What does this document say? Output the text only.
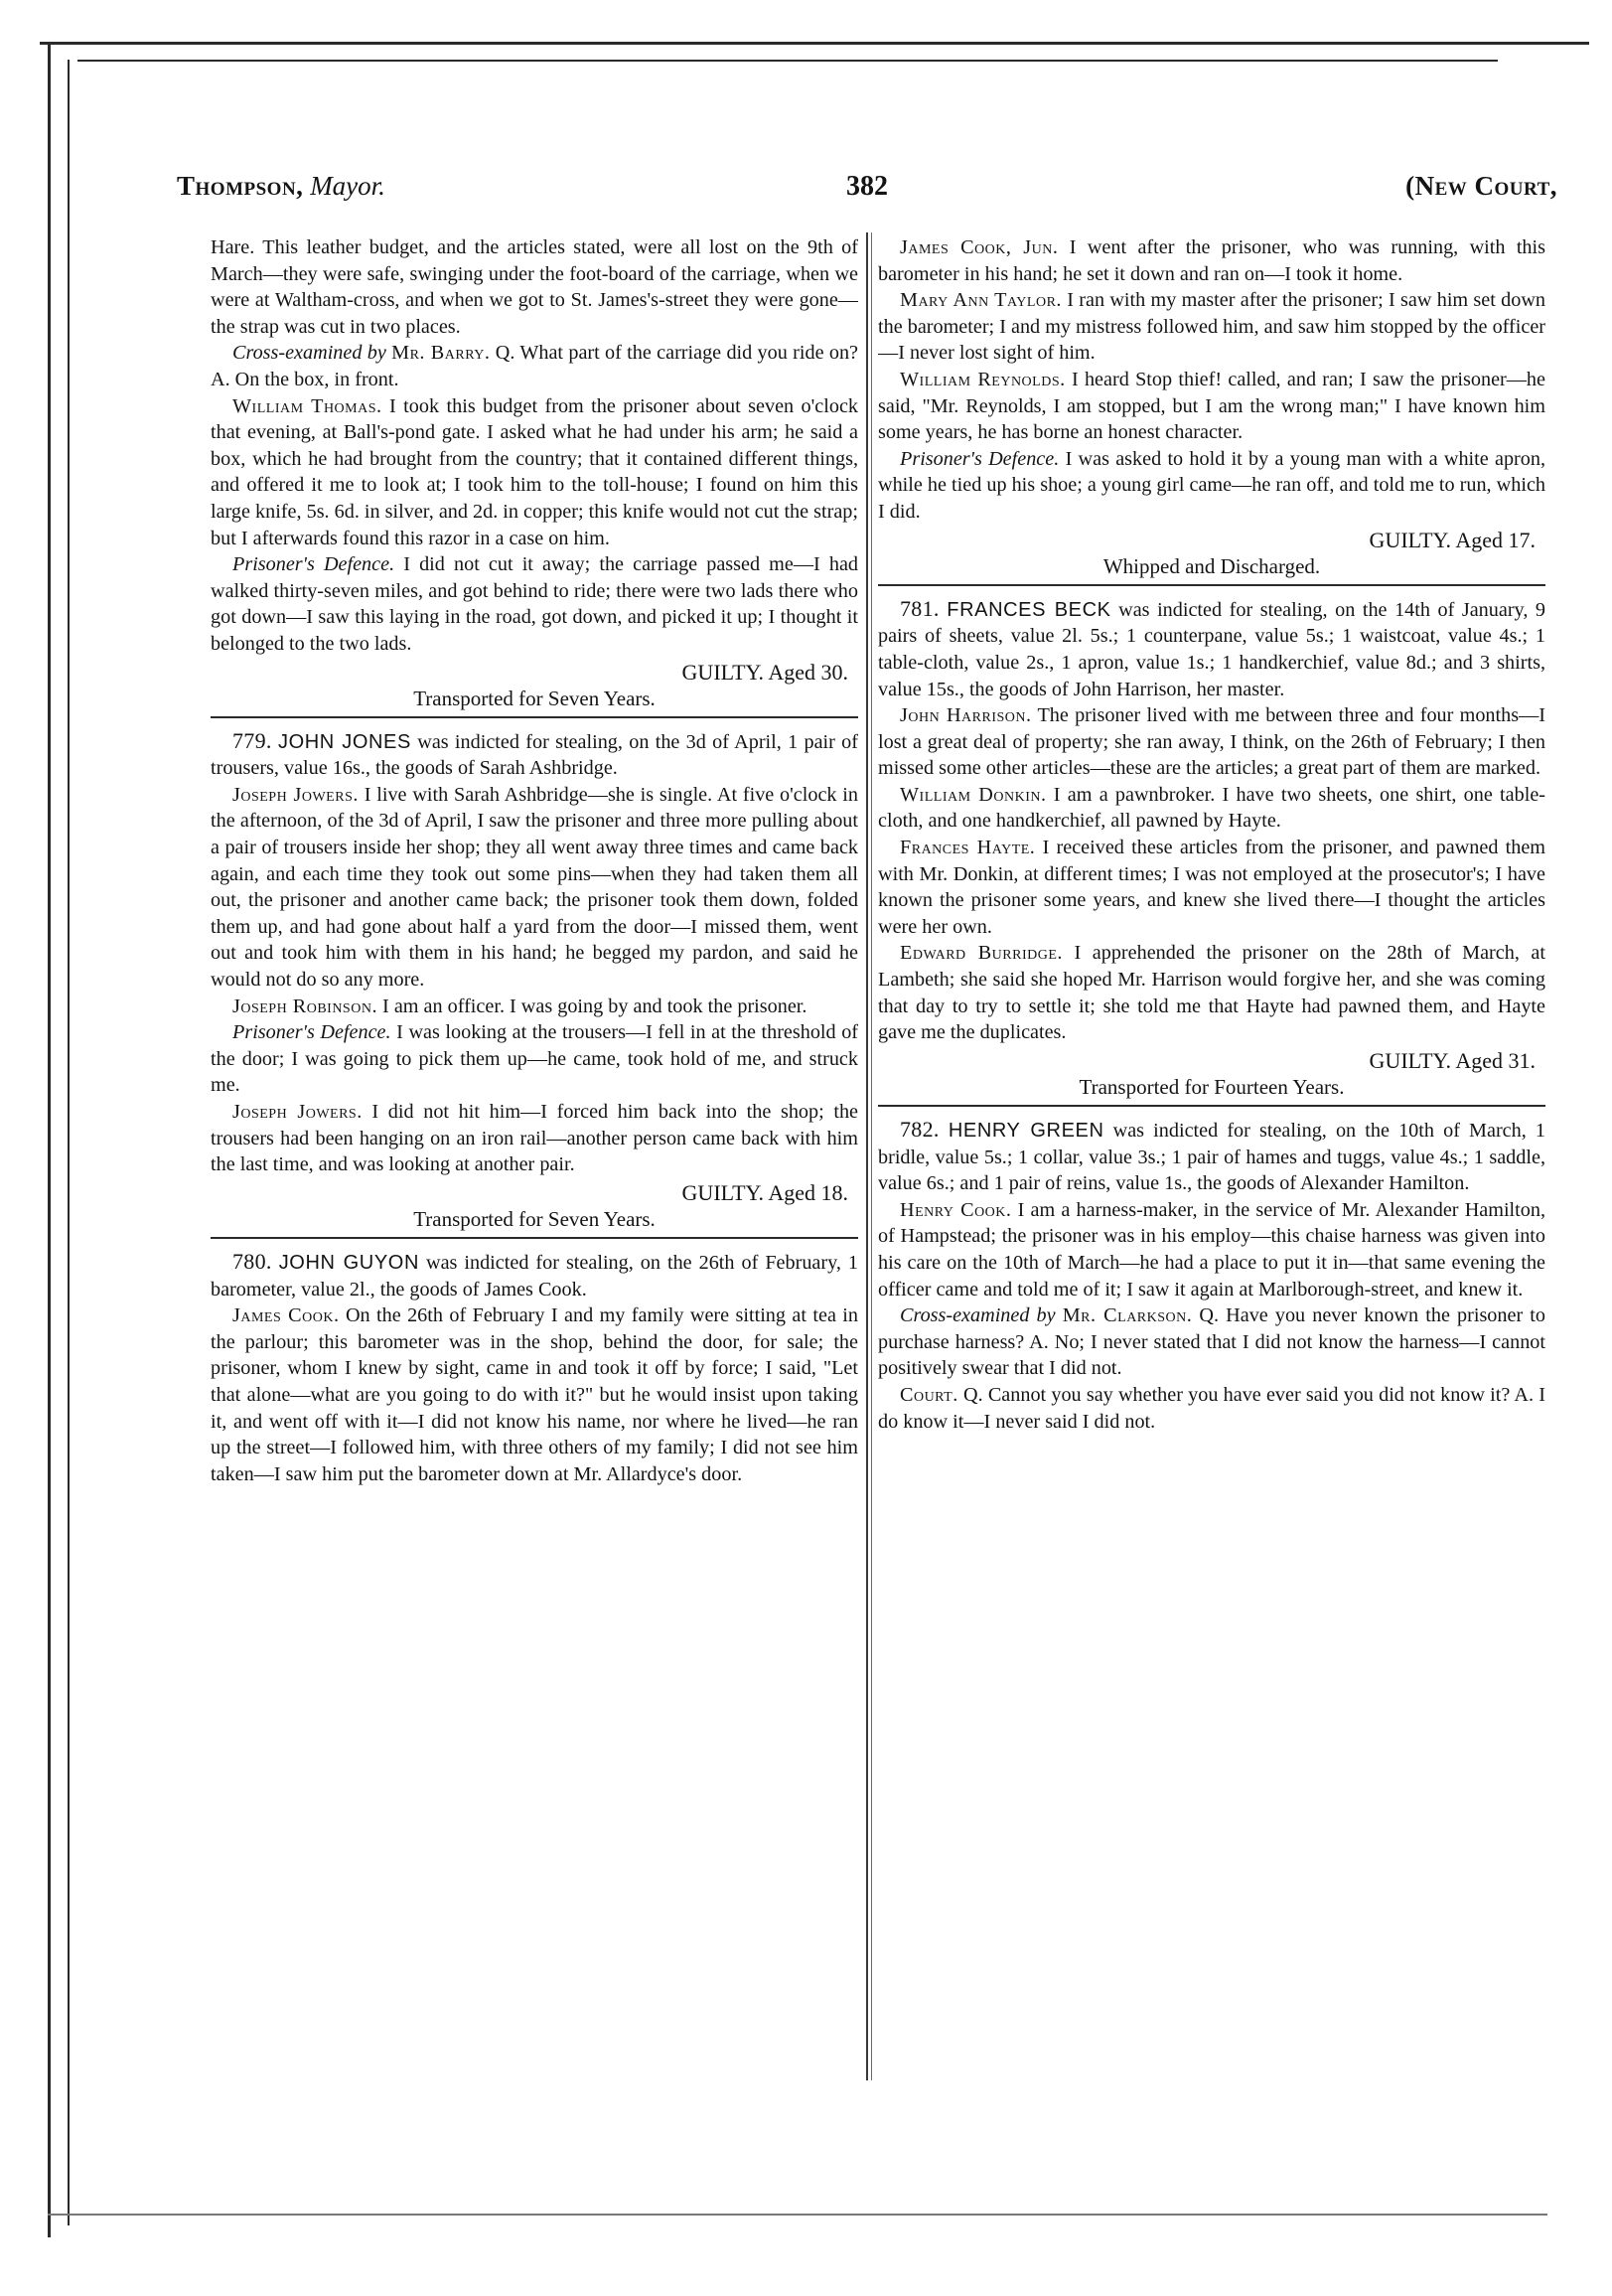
Thompson, Mayor.	382	(New Court,

Hare. This leather budget, and the articles stated, were all lost on the 9th of March—they were safe, swinging under the foot-board of the carriage, when we were at Waltham-cross, and when we got to St. James's-street they were gone—the strap was cut in two places.

Cross-examined by Mr. Barry. Q. What part of the carriage did you ride on? A. On the box, in front.

William Thomas. I took this budget from the prisoner about seven o'clock that evening, at Ball's-pond gate. I asked what he had under his arm; he said a box, which he had brought from the country; that it contained different things, and offered it me to look at; I took him to the toll-house; I found on him this large knife, 5s. 6d. in silver, and 2d. in copper; this knife would not cut the strap; but I afterwards found this razor in a case on him.

Prisoner's Defence. I did not cut it away; the carriage passed me—I had walked thirty-seven miles, and got behind to ride; there were two lads there who got down—I saw this laying in the road, got down, and picked it up; I thought it belonged to the two lads.

GUILTY. Aged 30.
Transported for Seven Years.

779. JOHN JONES was indicted for stealing, on the 3d of April, 1 pair of trousers, value 16s., the goods of Sarah Ashbridge.

Joseph Jowers. I live with Sarah Ashbridge—she is single. At five o'clock in the afternoon, of the 3d of April, I saw the prisoner and three more pulling about a pair of trousers inside her shop; they all went away three times and came back again, and each time they took out some pins—when they had taken them all out, the prisoner and another came back; the prisoner took them down, folded them up, and had gone about half a yard from the door—I missed them, went out and took him with them in his hand; he begged my pardon, and said he would not do so any more.

Joseph Robinson. I am an officer. I was going by and took the prisoner.

Prisoner's Defence. I was looking at the trousers—I fell in at the threshold of the door; I was going to pick them up—he came, took hold of me, and struck me.

Joseph Jowers. I did not hit him—I forced him back into the shop; the trousers had been hanging on an iron rail—another person came back with him the last time, and was looking at another pair.

GUILTY. Aged 18.
Transported for Seven Years.

780. JOHN GUYON was indicted for stealing, on the 26th of February, 1 barometer, value 2l., the goods of James Cook.

James Cook. On the 26th of February I and my family were sitting at tea in the parlour; this barometer was in the shop, behind the door, for sale; the prisoner, whom I knew by sight, came in and took it off by force; I said, "Let that alone—what are you going to do with it?" but he would insist upon taking it, and went off with it—I did not know his name, nor where he lived—he ran up the street—I followed him, with three others of my family; I did not see him taken—I saw him put the barometer down at Mr. Allardyce's door.

James Cook, Jun. I went after the prisoner, who was running, with this barometer in his hand; he set it down and ran on—I took it home.

Mary Ann Taylor. I ran with my master after the prisoner; I saw him set down the barometer; I and my mistress followed him, and saw him stopped by the officer—I never lost sight of him.

William Reynolds. I heard Stop thief! called, and ran; I saw the prisoner—he said, "Mr. Reynolds, I am stopped, but I am the wrong man;" I have known him some years, he has borne an honest character.

Prisoner's Defence. I was asked to hold it by a young man with a white apron, while he tied up his shoe; a young girl came—he ran off, and told me to run, which I did.

GUILTY. Aged 17.
Whipped and Discharged.

781. FRANCES BECK was indicted for stealing, on the 14th of January, 9 pairs of sheets, value 2l. 5s.; 1 counterpane, value 5s.; 1 waistcoat, value 4s.; 1 table-cloth, value 2s., 1 apron, value 1s.; 1 handkerchief, value 8d.; and 3 shirts, value 15s., the goods of John Harrison, her master.

John Harrison. The prisoner lived with me between three and four months—I lost a great deal of property; she ran away, I think, on the 26th of February; I then missed some other articles—these are the articles; a great part of them are marked.

William Donkin. I am a pawnbroker. I have two sheets, one shirt, one table-cloth, and one handkerchief, all pawned by Hayte.

Frances Hayte. I received these articles from the prisoner, and pawned them with Mr. Donkin, at different times; I was not employed at the prosecutor's; I have known the prisoner some years, and knew she lived there—I thought the articles were her own.

Edward Burridge. I apprehended the prisoner on the 28th of March, at Lambeth; she said she hoped Mr. Harrison would forgive her, and she was coming that day to try to settle it; she told me that Hayte had pawned them, and Hayte gave me the duplicates.

GUILTY. Aged 31.
Transported for Fourteen Years.

782. HENRY GREEN was indicted for stealing, on the 10th of March, 1 bridle, value 5s.; 1 collar, value 3s.; 1 pair of hames and tuggs, value 4s.; 1 saddle, value 6s.; and 1 pair of reins, value 1s., the goods of Alexander Hamilton.

Henry Cook. I am a harness-maker, in the service of Mr. Alexander Hamilton, of Hampstead; the prisoner was in his employ—this chaise harness was given into his care on the 10th of March—he had a place to put it in—that same evening the officer came and told me of it; I saw it again at Marlborough-street, and knew it.

Cross-examined by Mr. Clarkson. Q. Have you never known the prisoner to purchase harness? A. No; I never stated that I did not know the harness—I cannot positively swear that I did not.

Court. Q. Cannot you say whether you have ever said you did not know it? A. I do know it—I never said I did not.
